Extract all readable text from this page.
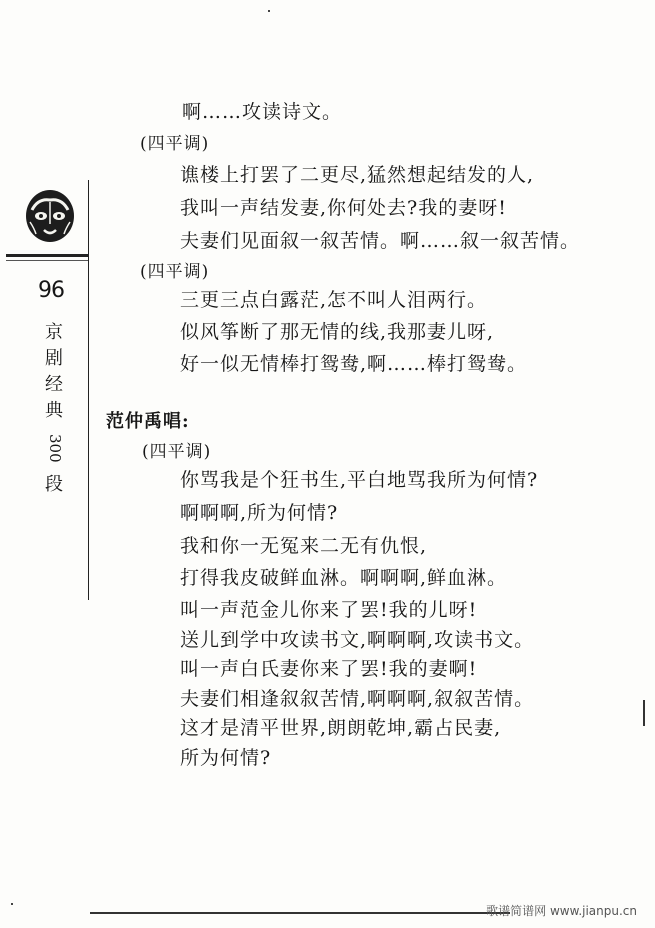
96
京
剧
经
典
300
段
啊……攻读诗文。
(四平调)
谯楼上打罢了二更尽,猛然想起结发的人,
我叫一声结发妻,你何处去?我的妻呀!
夫妻们见面叙一叙苦情。啊……叙一叙苦情。
(四平调)
三更三点白露茫,怎不叫人泪两行。
似风筝断了那无情的线,我那妻儿呀,
好一似无情棒打鸳鸯,啊……棒打鸳鸯。
范仲禹唱:
(四平调)
你骂我是个狂书生,平白地骂我所为何情?
啊啊啊,所为何情?
我和你一无冤来二无有仇恨,
打得我皮破鲜血淋。啊啊啊,鲜血淋。
叫一声范金儿你来了罢!我的儿呀!
送儿到学中攻读书文,啊啊啊,攻读书文。
叫一声白氏妻你来了罢!我的妻啊!
夫妻们相逢叙叙苦情,啊啊啊,叙叙苦情。
这才是清平世界,朗朗乾坤,霸占民妻,
所为何情?
歌谱简谱网 www.jianpu.cn
